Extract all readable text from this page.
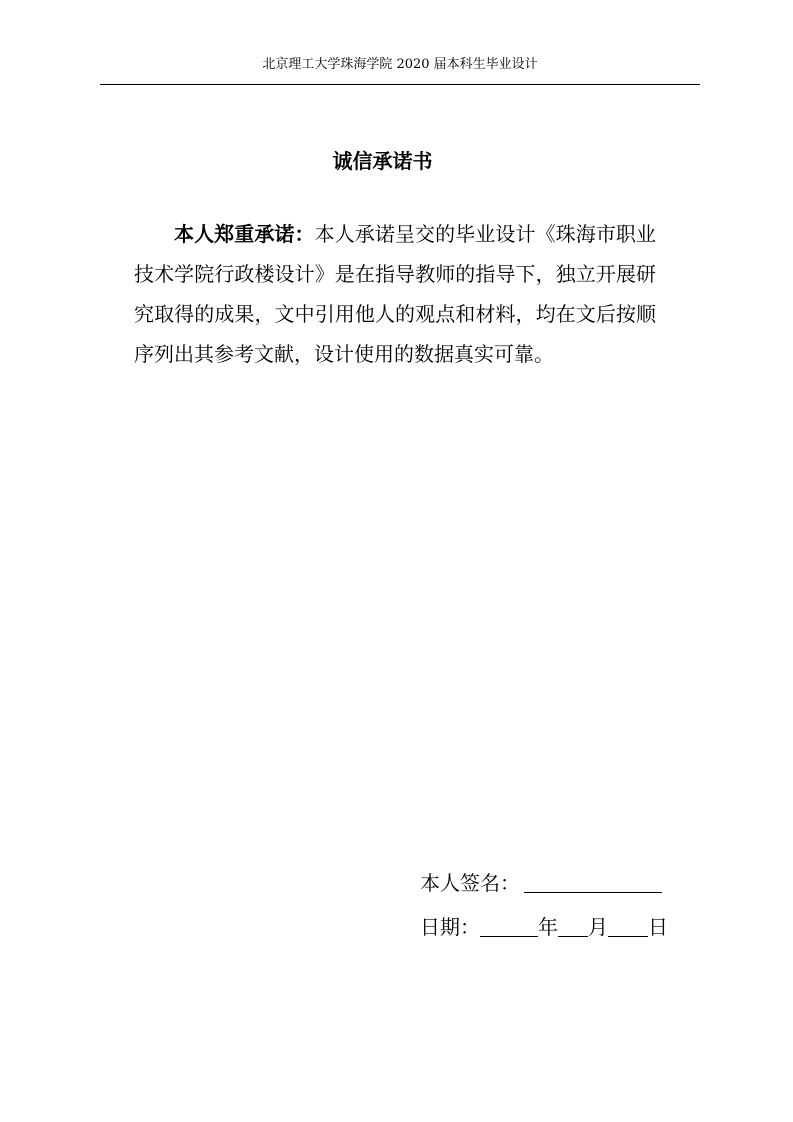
北京理工大学珠海学院 2020 届本科生毕业设计
诚信承诺书

本人郑重承诺：本人承诺呈交的毕业设计《珠海市职业技术学院行政楼设计》是在指导教师的指导下，独立开展研究取得的成果，文中引用他人的观点和材料，均在文后按顺序列出其参考文献，设计使用的数据真实可靠。

本人签名：
日期：	年 月 日
